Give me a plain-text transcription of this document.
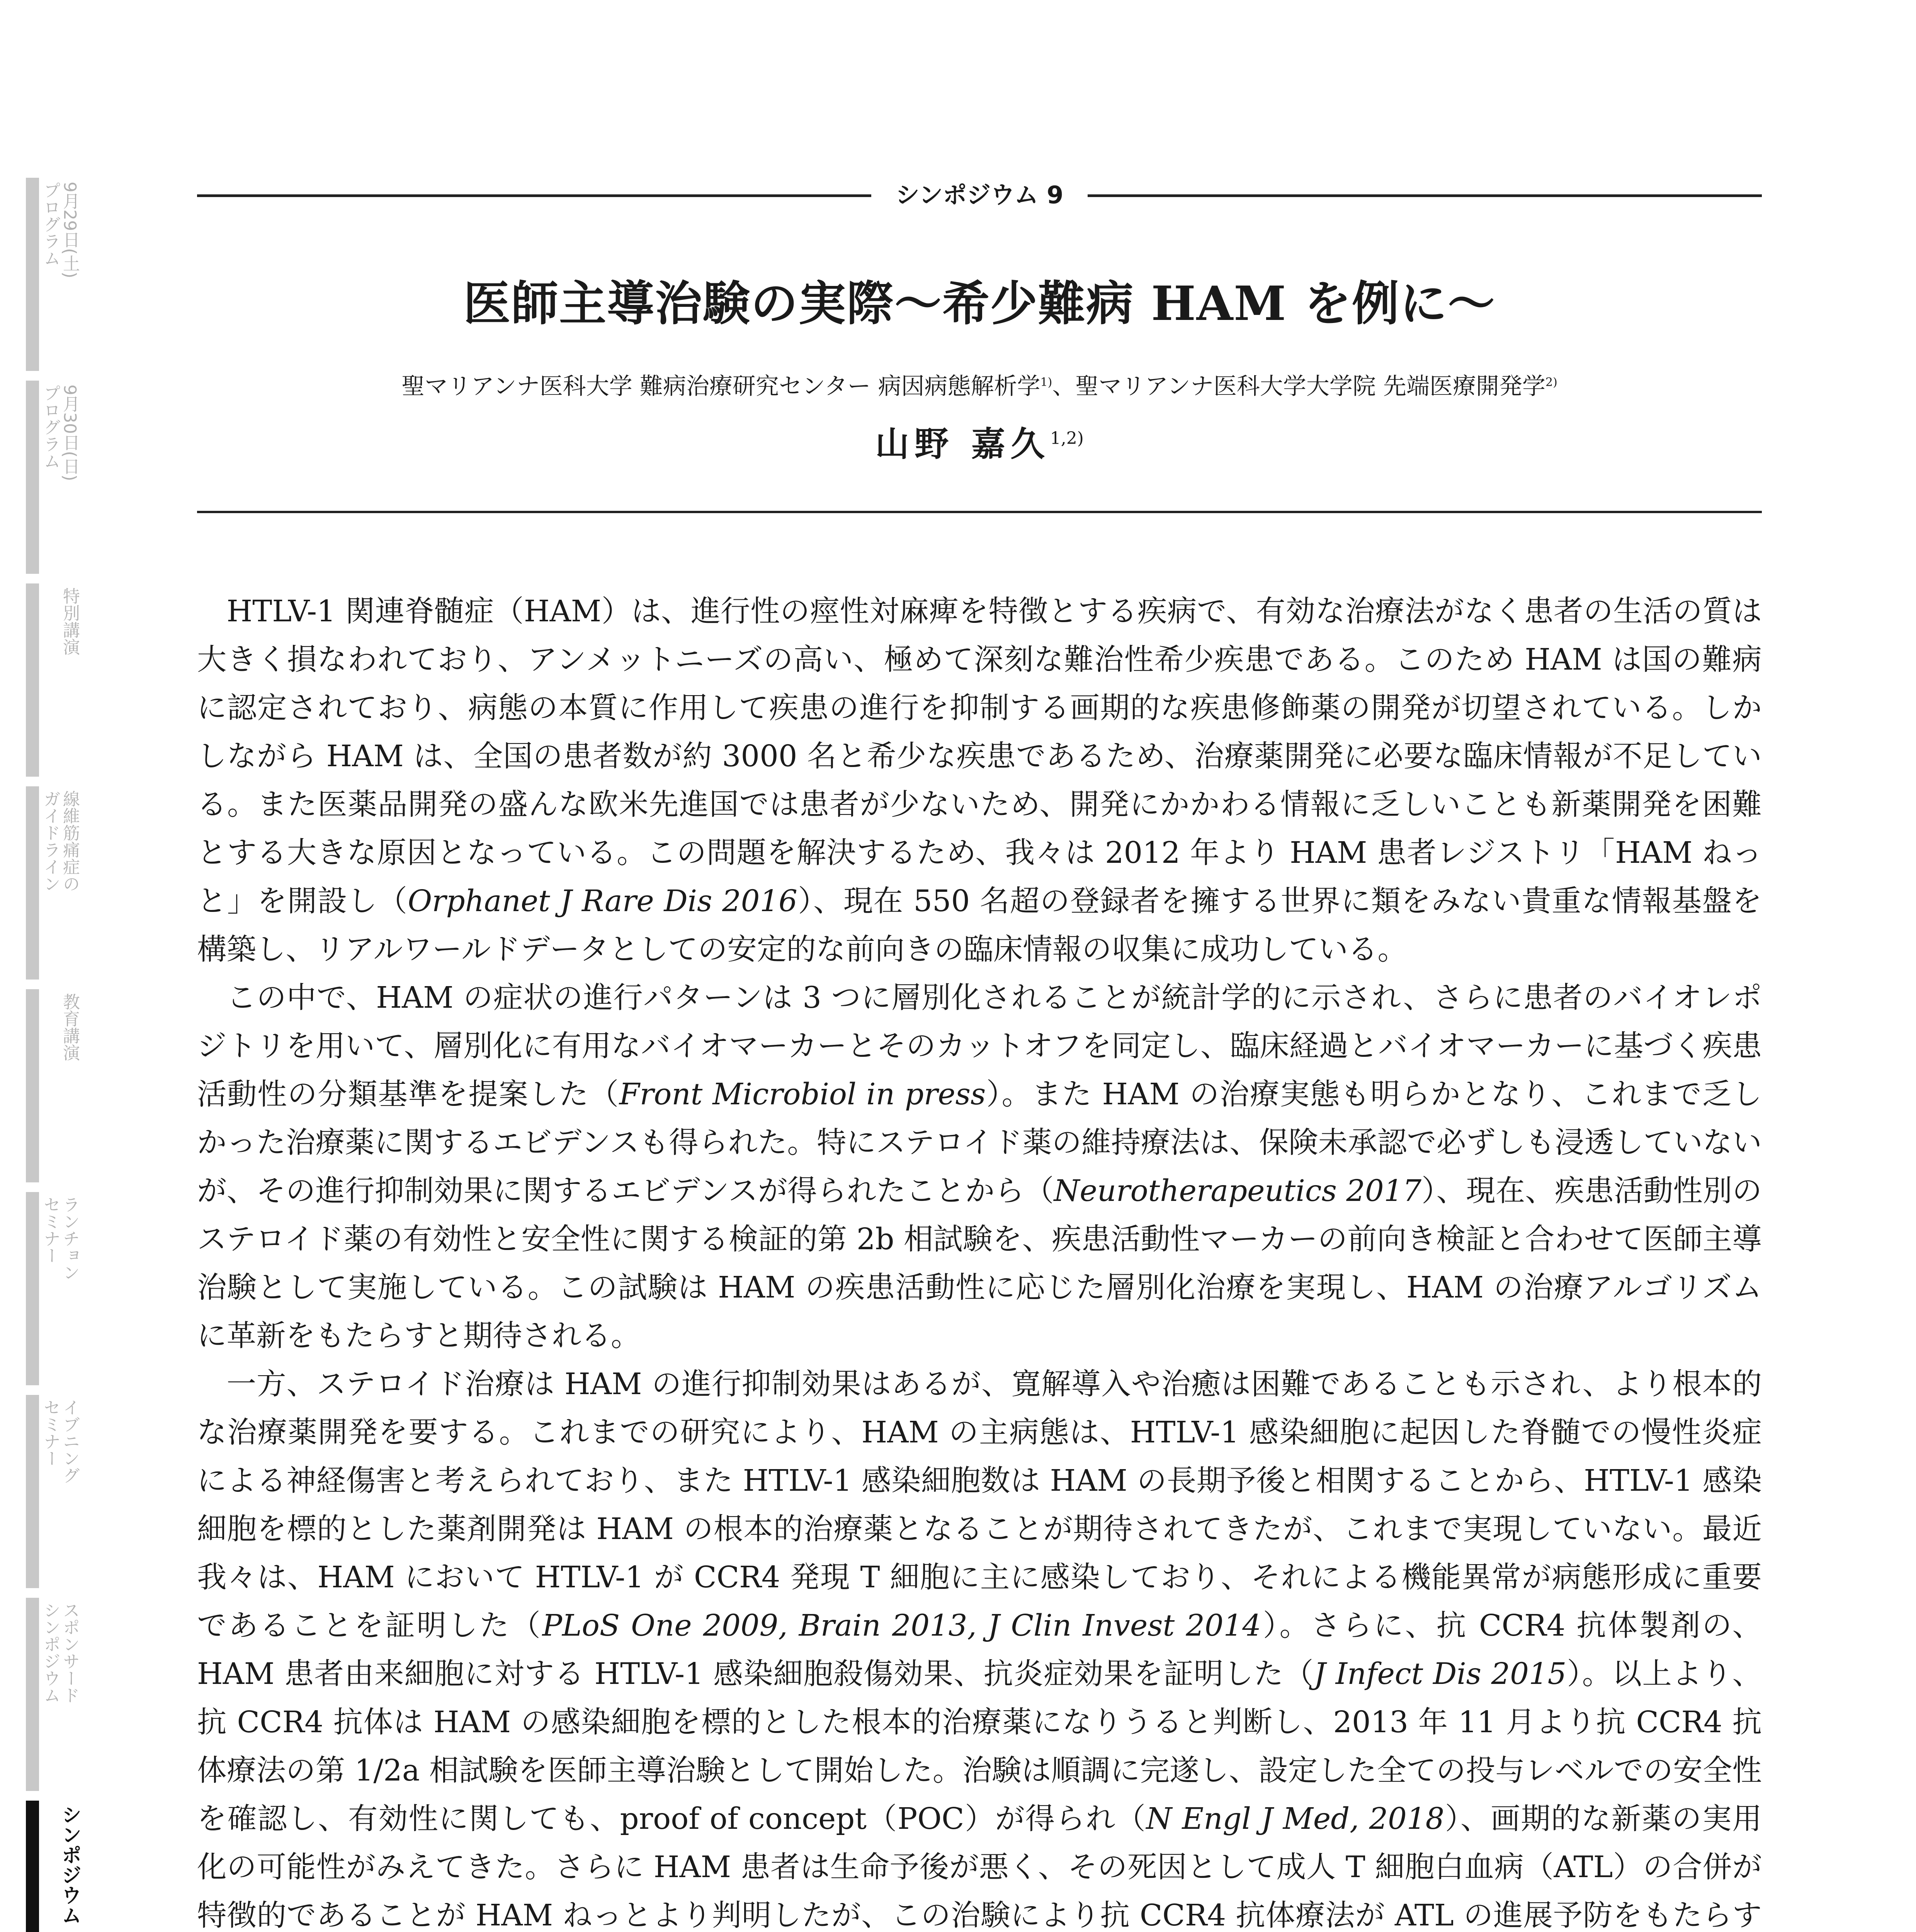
9月29日(土)
プログラム
9月30日(日)
プログラム
特別講演
線維筋痛症の
ガイドライン
教育講演
ランチョン
セミナー
イブニング
セミナー
スポンサード
シンポジウム
シンポジウム
シンポジウム 9
医師主導治験の実際～希少難病 HAM を例に～
聖マリアンナ医科大学 難病治療研究センター 病因病態解析学$^{1)}$、聖マリアンナ医科大学大学院 先端医療開発学$^{2)}$
山野 嘉久$^{1,2)}$

HTLV-1 関連脊髄症（HAM）は、進行性の痙性対麻痺を特徴とする疾病で、有効な治療法がなく患者の生活の質は大きく損なわれており、アンメットニーズの高い、極めて深刻な難治性希少疾患である。このため HAM は国の難病に認定されており、病態の本質に作用して疾患の進行を抑制する画期的な疾患修飾薬の開発が切望されている。しかしながら HAM は、全国の患者数が約 3000 名と希少な疾患であるため、治療薬開発に必要な臨床情報が不足している。また医薬品開発の盛んな欧米先進国では患者が少ないため、開発にかかわる情報に乏しいことも新薬開発を困難とする大きな原因となっている。この問題を解決するため、我々は 2012 年より HAM 患者レジストリ「HAM ねっと」を開設し（Orphanet J Rare Dis 2016）、現在 550 名超の登録者を擁する世界に類をみない貴重な情報基盤を構築し、リアルワールドデータとしての安定的な前向きの臨床情報の収集に成功している。

この中で、HAM の症状の進行パターンは 3 つに層別化されることが統計学的に示され、さらに患者のバイオレポジトリを用いて、層別化に有用なバイオマーカーとそのカットオフを同定し、臨床経過とバイオマーカーに基づく疾患活動性の分類基準を提案した（Front Microbiol in press）。また HAM の治療実態も明らかとなり、これまで乏しかった治療薬に関するエビデンスも得られた。特にステロイド薬の維持療法は、保険未承認で必ずしも浸透していないが、その進行抑制効果に関するエビデンスが得られたことから（Neurotherapeutics 2017）、現在、疾患活動性別のステロイド薬の有効性と安全性に関する検証的第 2b 相試験を、疾患活動性マーカーの前向き検証と合わせて医師主導治験として実施している。この試験は HAM の疾患活動性に応じた層別化治療を実現し、HAM の治療アルゴリズムに革新をもたらすと期待される。

一方、ステロイド治療は HAM の進行抑制効果はあるが、寛解導入や治癒は困難であることも示され、より根本的な治療薬開発を要する。これまでの研究により、HAM の主病態は、HTLV-1 感染細胞に起因した脊髄での慢性炎症による神経傷害と考えられており、また HTLV-1 感染細胞数は HAM の長期予後と相関することから、HTLV-1 感染細胞を標的とした薬剤開発は HAM の根本的治療薬となることが期待されてきたが、これまで実現していない。最近我々は、HAM において HTLV-1 が CCR4 発現 T 細胞に主に感染しており、それによる機能異常が病態形成に重要であることを証明した（PLoS One 2009, Brain 2013, J Clin Invest 2014）。さらに、抗 CCR4 抗体製剤の、HAM 患者由来細胞に対する HTLV-1 感染細胞殺傷効果、抗炎症効果を証明した（J Infect Dis 2015）。以上より、抗 CCR4 抗体は HAM の感染細胞を標的とした根本的治療薬になりうると判断し、2013 年 11 月より抗 CCR4 抗体療法の第 1/2a 相試験を医師主導治験として開始した。治験は順調に完遂し、設定した全ての投与レベルでの安全性を確認し、有効性に関しても、proof of concept（POC）が得られ（N Engl J Med, 2018）、画期的な新薬の実用化の可能性がみえてきた。さらに HAM 患者は生命予後が悪く、その死因として成人 T 細胞白血病（ATL）の合併が特徴的であることが HAM ねっとより判明したが、この治験により抗 CCR4 抗体療法が ATL の進展予防をもたらす
